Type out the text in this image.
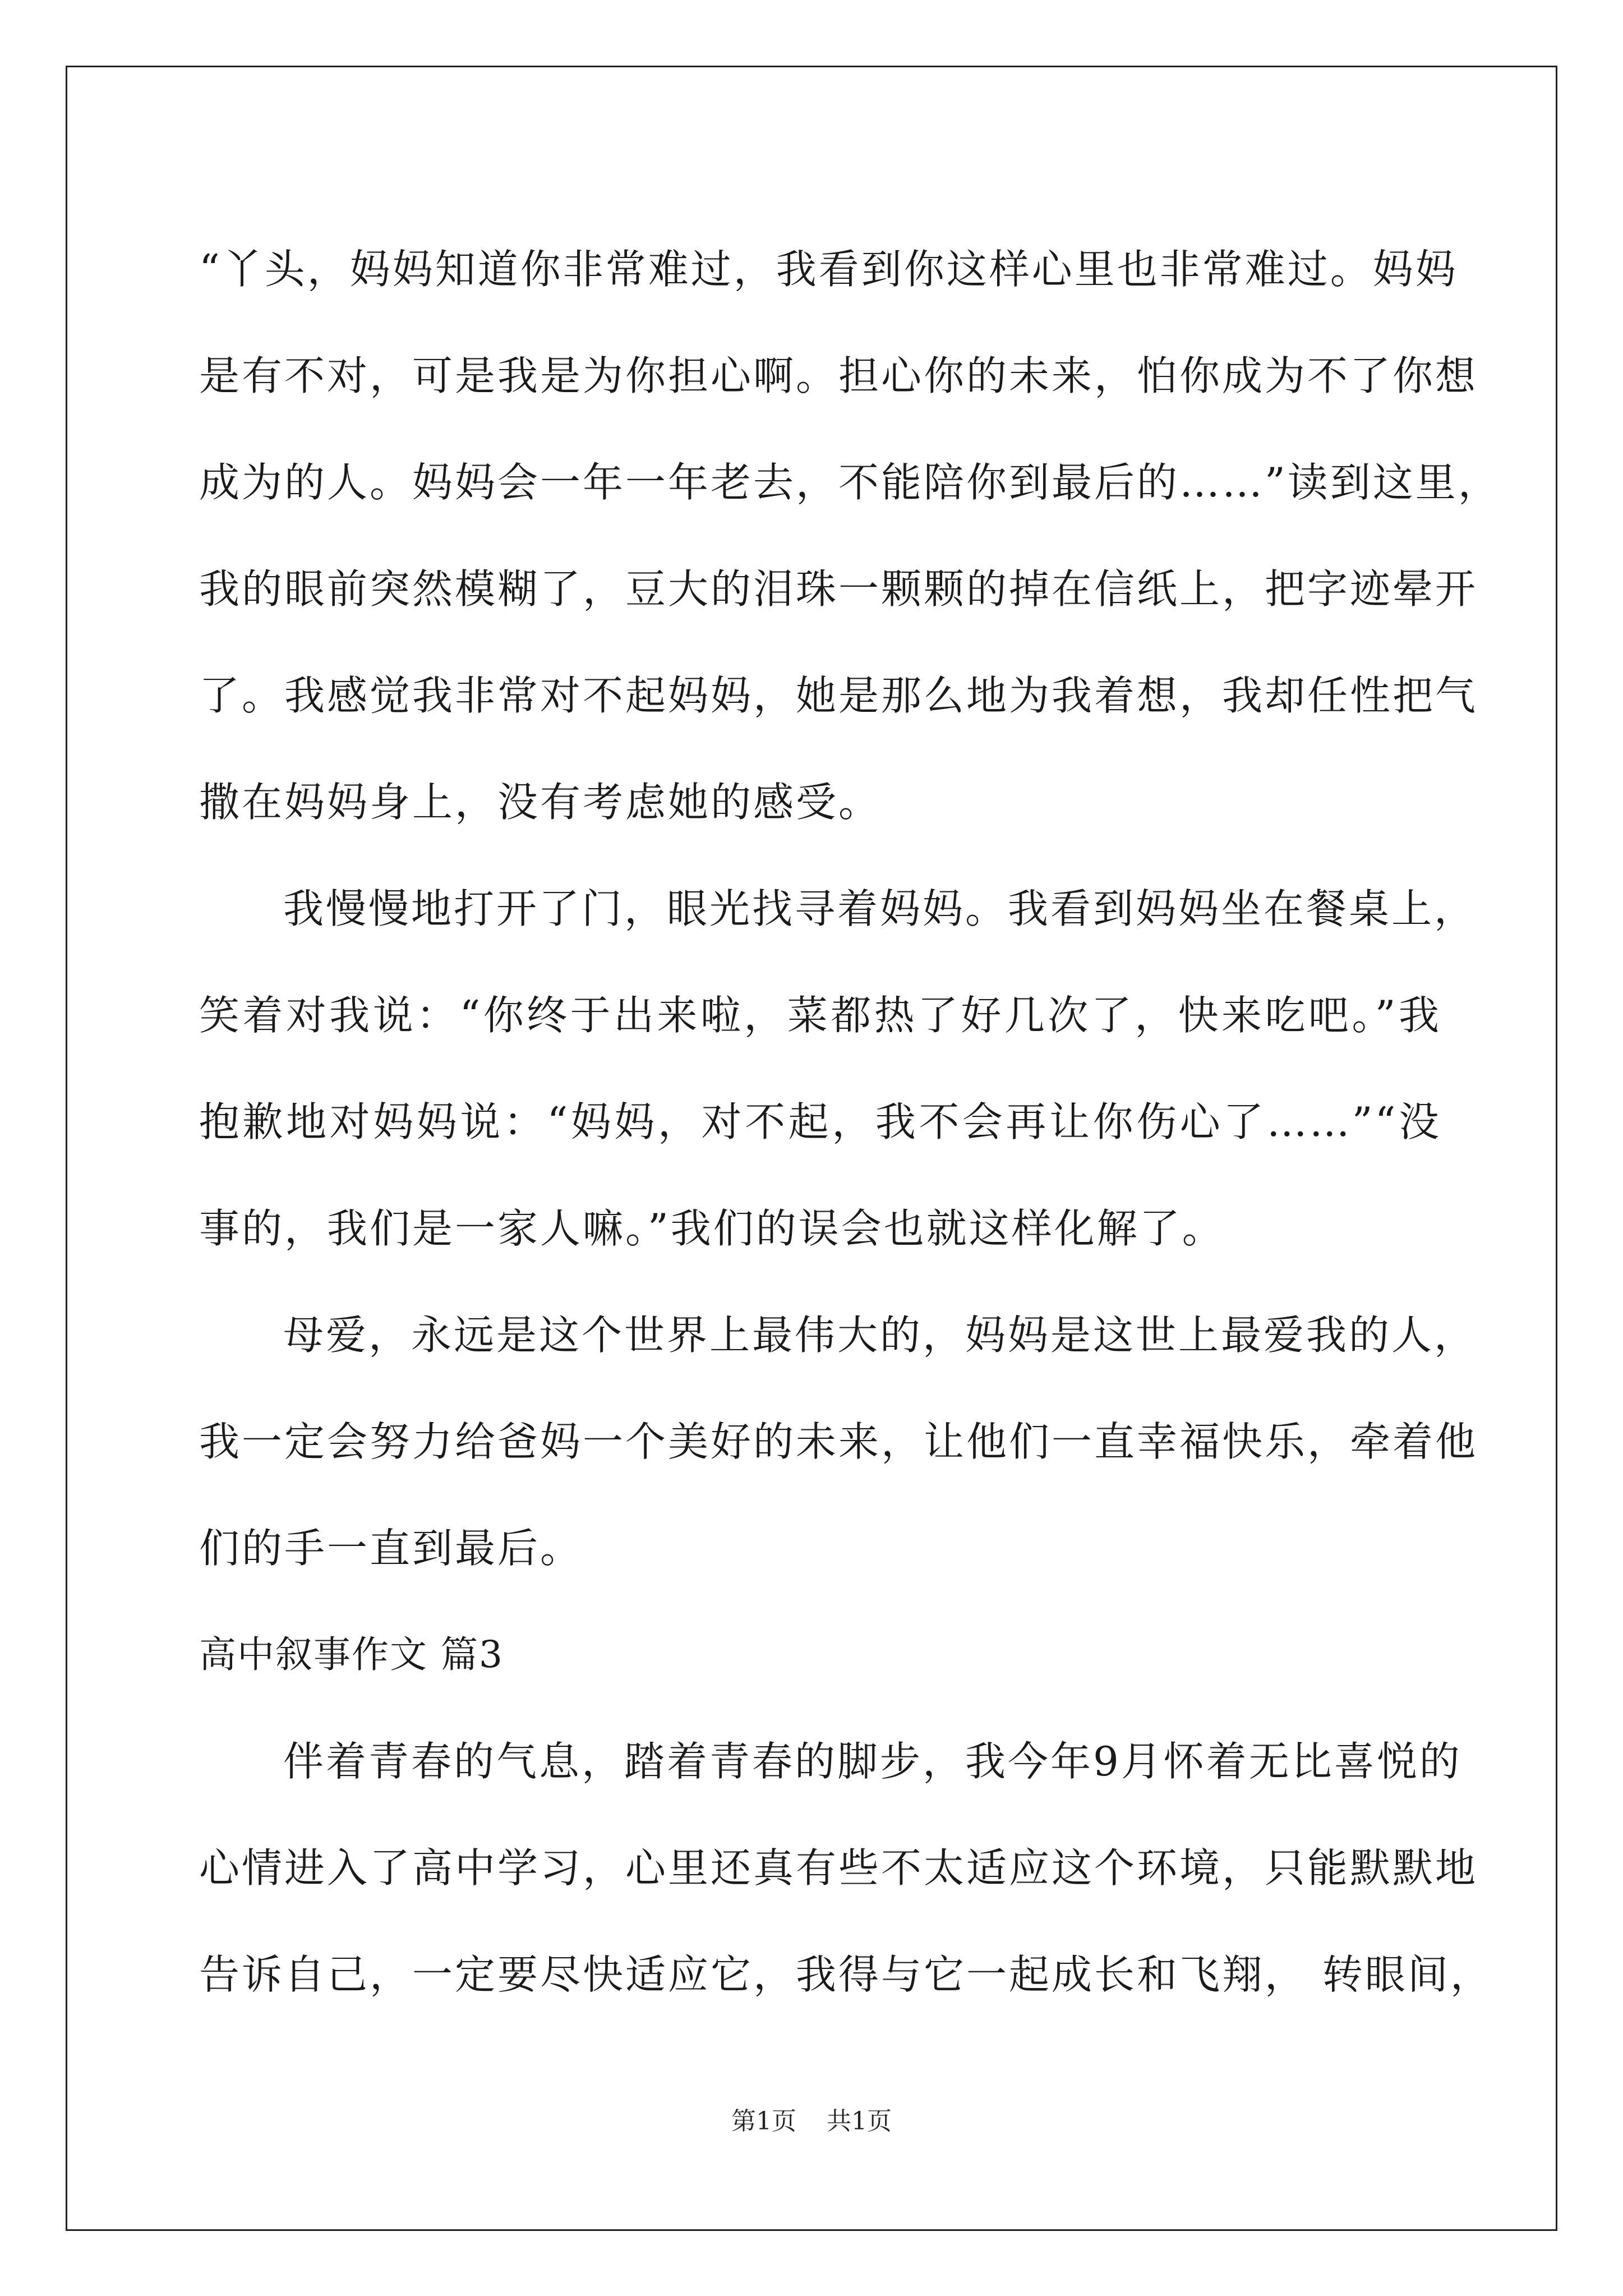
“丫头，妈妈知道你非常难过，我看到你这样心里也非常难过。妈妈
是有不对，可是我是为你担心啊。担心你的未来，怕你成为不了你想
成为的人。妈妈会一年一年老去，不能陪你到最后的……”读到这里，
我的眼前突然模糊了，豆大的泪珠一颗颗的掉在信纸上，把字迹晕开
了。我感觉我非常对不起妈妈，她是那么地为我着想，我却任性把气
撒在妈妈身上，没有考虑她的感受。
我慢慢地打开了门，眼光找寻着妈妈。我看到妈妈坐在餐桌上，
笑着对我说：“你终于出来啦，菜都热了好几次了，快来吃吧。”我
抱歉地对妈妈说：“妈妈，对不起，我不会再让你伤心了……”“没
事的，我们是一家人嘛。”我们的误会也就这样化解了。
母爱，永远是这个世界上最伟大的，妈妈是这世上最爱我的人，
我一定会努力给爸妈一个美好的未来，让他们一直幸福快乐，牵着他
们的手一直到最后。
高中叙事作文 篇3
伴着青春的气息，踏着青春的脚步，我今年9月怀着无比喜悦的
心情进入了高中学习，心里还真有些不太适应这个环境，只能默默地
告诉自己，一定要尽快适应它，我得与它一起成长和飞翔， 转眼间，
第1页 共1页
